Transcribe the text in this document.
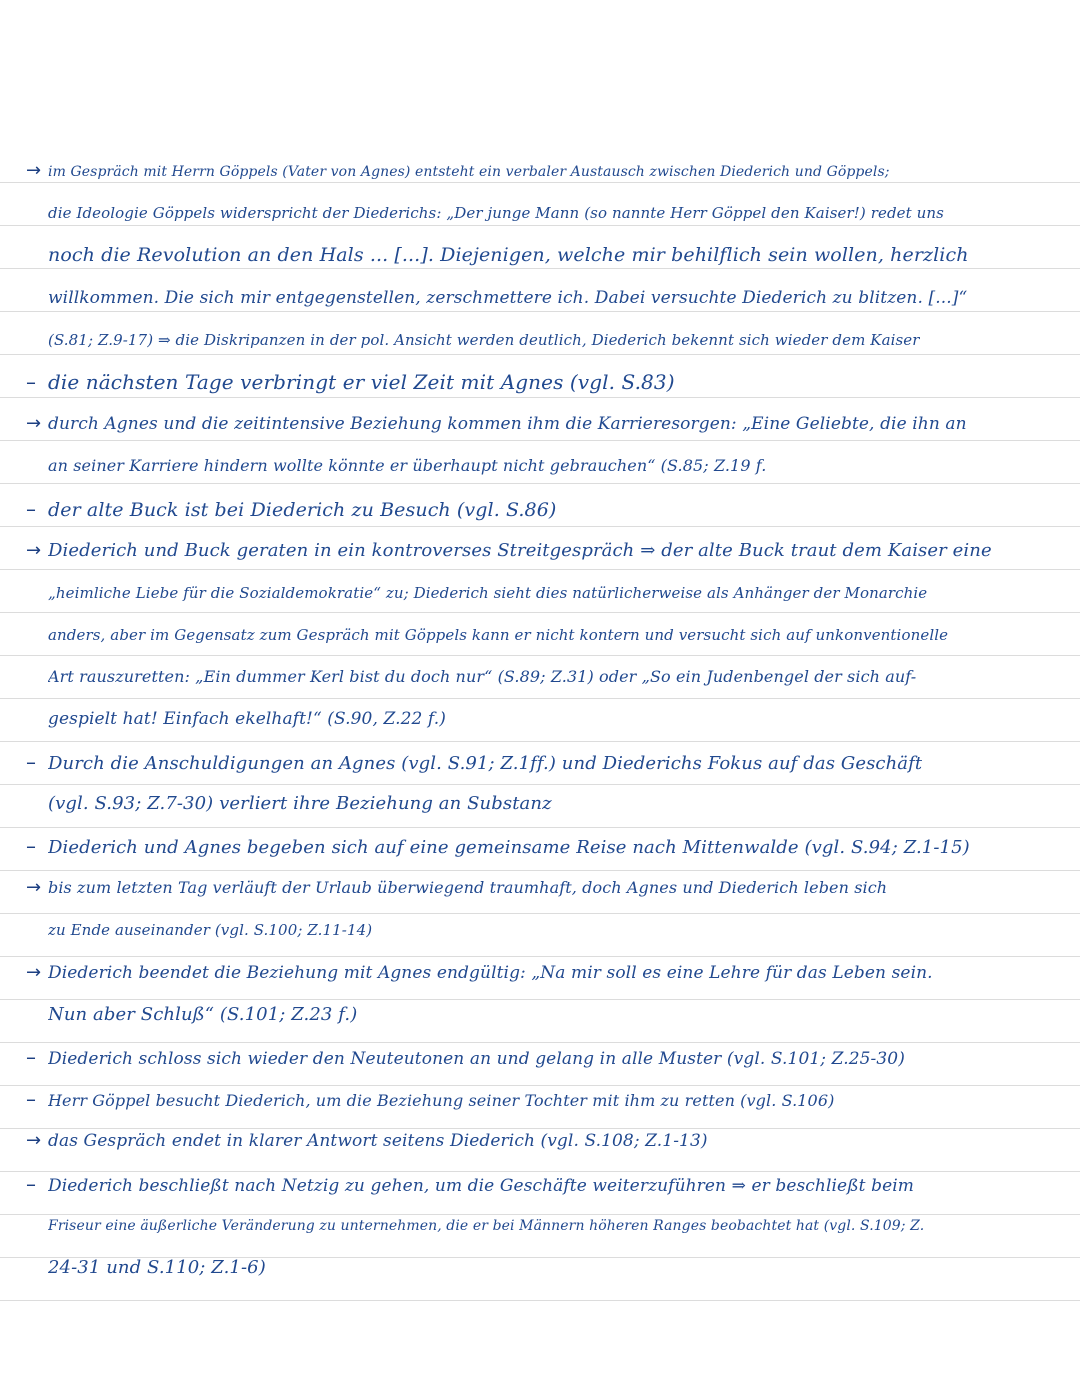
→ im Gespräch mit Herrn Göppels (Vater von Agnes) entsteht ein verbaler Austausch zwischen Diederich und Göppels;
die Ideologie Göppels widerspricht der Diederichs: „Der junge Mann (so nannte Herr Göppel den Kaiser!) redet uns
noch die Revolution an den Hals ... [...]. Diejenigen, welche mir behilflich sein wollen, herzlich
willkommen. Die sich mir entgegenstellen, zerschmettere ich. Dabei versuchte Diederich zu blitzen. [...]“
(S.81; Z.9-17) ⇒ die Diskripanzen in der pol. Ansicht werden deutlich, Diederich bekennt sich wieder dem Kaiser
– die nächsten Tage verbringt er viel Zeit mit Agnes (vgl. S.83)
→ durch Agnes und die zeitintensive Beziehung kommen ihm die Karrieresorgen: „Eine Geliebte, die ihn an
an seiner Karriere hindern wollte könnte er überhaupt nicht gebrauchen“ (S.85; Z.19 f.
– der alte Buck ist bei Diederich zu Besuch (vgl. S.86)
→ Diederich und Buck geraten in ein kontroverses Streitgespräch ⇒ der alte Buck traut dem Kaiser eine
„heimliche Liebe für die Sozialdemokratie“ zu; Diederich sieht dies natürlicherweise als Anhänger der Monarchie
anders, aber im Gegensatz zum Gespräch mit Göppels kann er nicht kontern und versucht sich auf unkonventionelle
Art rauszuretten: „Ein dummer Kerl bist du doch nur“ (S.89; Z.31) oder „So ein Judenbengel der sich auf-
gespielt hat! Einfach ekelhaft!“ (S.90, Z.22 f.)
– Durch die Anschuldigungen an Agnes (vgl. S.91; Z.1ff.) und Diederichs Fokus auf das Geschäft
(vgl. S.93; Z.7-30) verliert ihre Beziehung an Substanz
– Diederich und Agnes begeben sich auf eine gemeinsame Reise nach Mittenwalde (vgl. S.94; Z.1-15)
→ bis zum letzten Tag verläuft der Urlaub überwiegend traumhaft, doch Agnes und Diederich leben sich
zu Ende auseinander (vgl. S.100; Z.11-14)
→ Diederich beendet die Beziehung mit Agnes endgültig: „Na mir soll es eine Lehre für das Leben sein.
Nun aber Schluß“ (S.101; Z.23 f.)
– Diederich schloss sich wieder den Neuteutonen an und gelang in alle Muster (vgl. S.101; Z.25-30)
– Herr Göppel besucht Diederich, um die Beziehung seiner Tochter mit ihm zu retten (vgl. S.106)
→ das Gespräch endet in klarer Antwort seitens Diederich (vgl. S.108; Z.1-13)
– Diederich beschließt nach Netzig zu gehen, um die Geschäfte weiterzuführen ⇒ er beschließt beim
Friseur eine äußerliche Veränderung zu unternehmen, die er bei Männern höheren Ranges beobachtet hat (vgl. S.109; Z.
24-31 und S.110; Z.1-6)
